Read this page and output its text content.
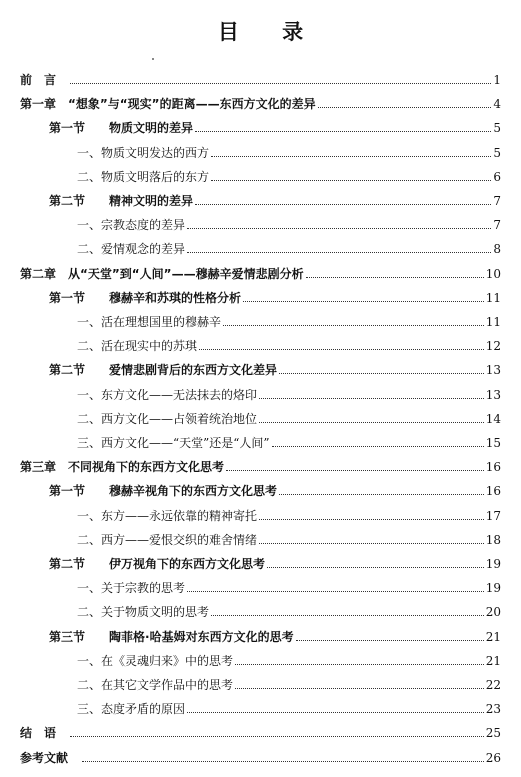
目 录
前　言	1
第一章 “想象”与“现实”的距离——东西方文化的差异	4
第一节 物质文明的差异	5
一、物质文明发达的西方	5
二、物质文明落后的东方	6
第二节 精神文明的差异	7
一、宗教态度的差异	7
二、爱情观念的差异	8
第二章 从“天堂”到“人间”——穆赫辛爱情悲剧分析	10
第一节 穆赫辛和苏琪的性格分析	11
一、活在理想国里的穆赫辛	11
二、活在现实中的苏琪	12
第二节 爱情悲剧背后的东西方文化差异	13
一、东方文化——无法抹去的烙印	13
二、西方文化——占领着统治地位	14
三、西方文化——“天堂”还是“人间”	15
第三章 不同视角下的东西方文化思考	16
第一节 穆赫辛视角下的东西方文化思考	16
一、东方——永远依靠的精神寄托	17
二、西方——爱恨交织的难舍情绪	18
第二节 伊万视角下的东西方文化思考	19
一、关于宗教的思考	19
二、关于物质文明的思考	20
第三节 陶菲格·哈基姆对东西方文化的思考	21
一、在《灵魂归来》中的思考	21
二、在其它文学作品中的思考	22
三、态度矛盾的原因	23
结　语	25
参考文献	26
